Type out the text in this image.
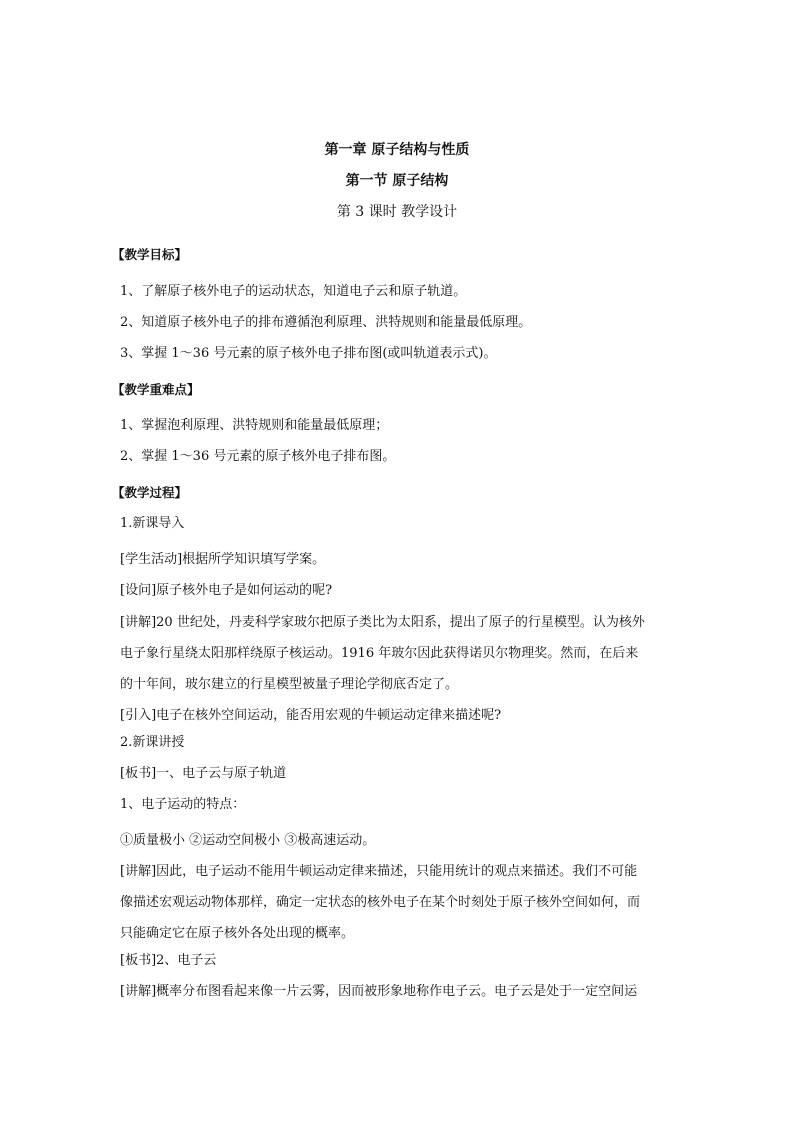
第一章 原子结构与性质
第一节 原子结构
第 3 课时 教学设计
【教学目标】
1、了解原子核外电子的运动状态，知道电子云和原子轨道。
2、知道原子核外电子的排布遵循泡利原理、洪特规则和能量最低原理。
3、掌握 1～36 号元素的原子核外电子排布图(或叫轨道表示式)。
【教学重难点】
1、掌握泡利原理、洪特规则和能量最低原理；
2、掌握 1～36 号元素的原子核外电子排布图。
【教学过程】
1.新课导入
[学生活动]根据所学知识填写学案。
[设问]原子核外电子是如何运动的呢?
[讲解]20 世纪处，丹麦科学家玻尔把原子类比为太阳系，提出了原子的行星模型。认为核外
电子象行星绕太阳那样绕原子核运动。1916 年玻尔因此获得诺贝尔物理奖。然而，在后来
的十年间，玻尔建立的行星模型被量子理论学彻底否定了。
[引入]电子在核外空间运动，能否用宏观的牛顿运动定律来描述呢?
2.新课讲授
[板书]一、电子云与原子轨道
1、电子运动的特点：
①质量极小 ②运动空间极小 ③极高速运动。
[讲解]因此，电子运动不能用牛顿运动定律来描述，只能用统计的观点来描述。我们不可能
像描述宏观运动物体那样，确定一定状态的核外电子在某个时刻处于原子核外空间如何，而
只能确定它在原子核外各处出现的概率。
[板书]2、电子云
[讲解]概率分布图看起来像一片云雾，因而被形象地称作电子云。电子云是处于一定空间运
